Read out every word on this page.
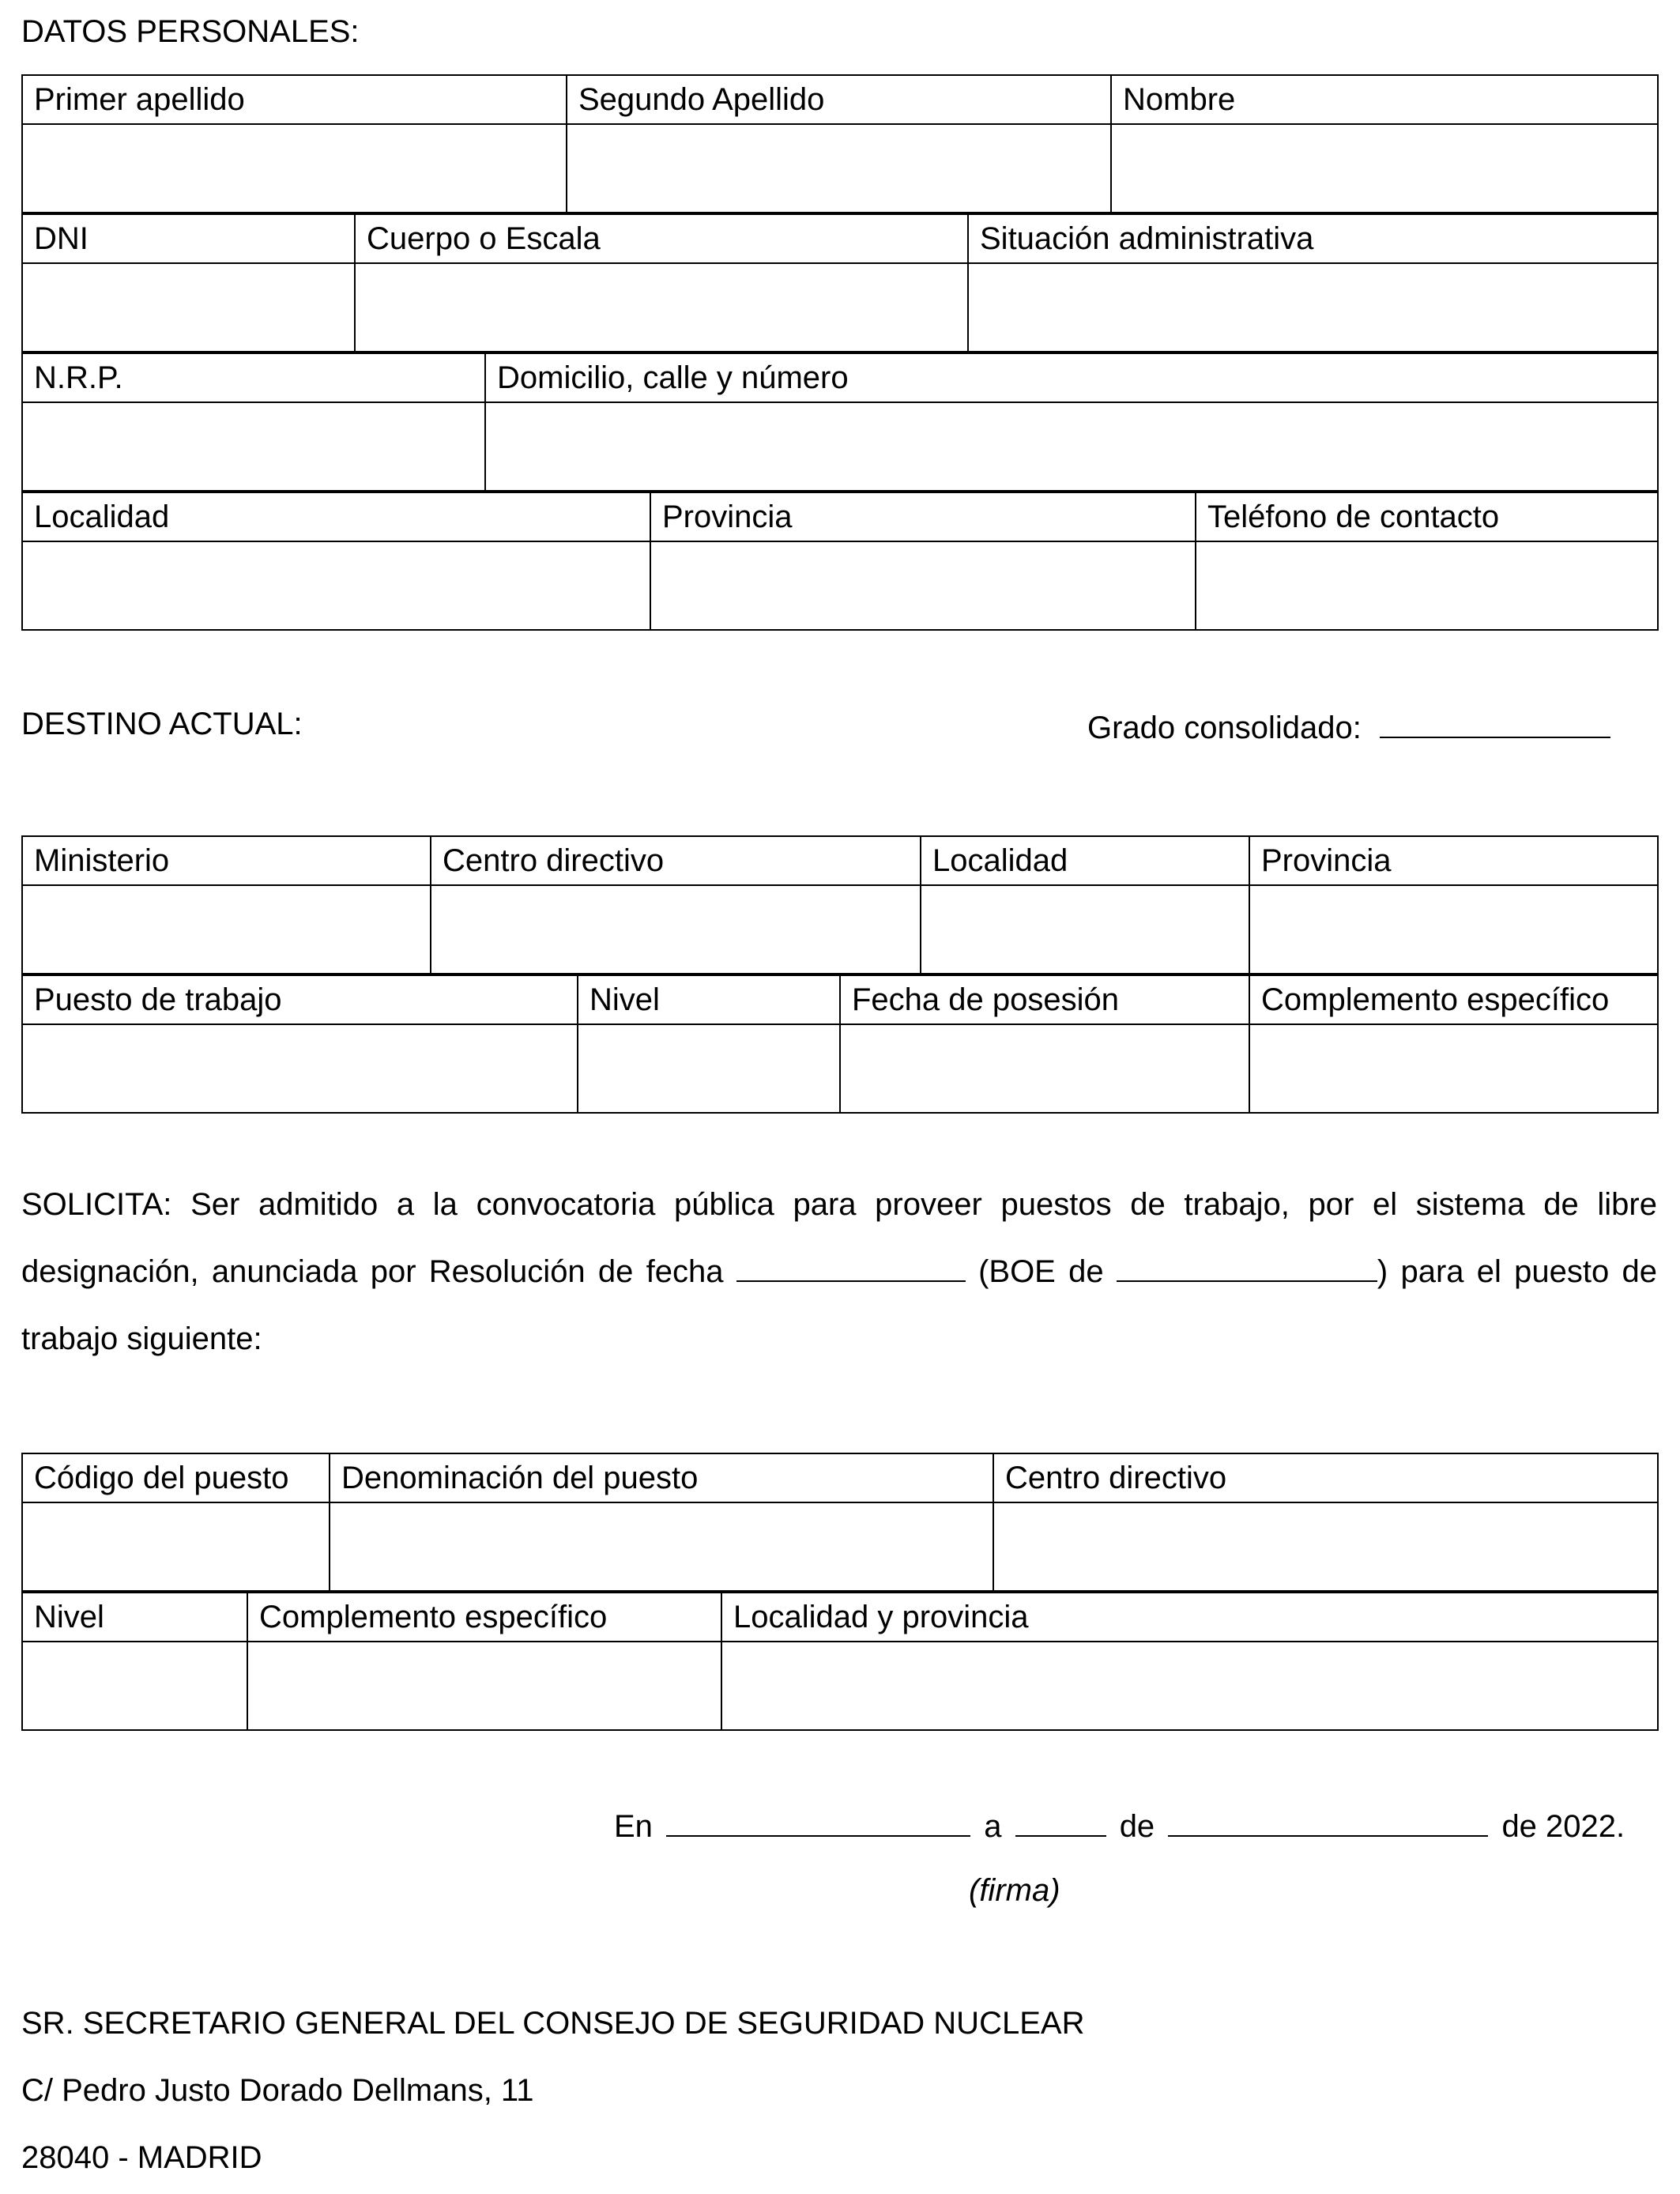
DATOS PERSONALES:
Primer apellido	Segundo Apellido	Nombre

DNI	Cuerpo o Escala	Situación administrativa

N.R.P.	Domicilio, calle y número

Localidad	Provincia	Teléfono de contacto

DESTINO ACTUAL:	Grado consolidado:
Ministerio	Centro directivo	Localidad	Provincia

Puesto de trabajo	Nivel	Fecha de posesión	Complemento específico

SOLICITA: Ser admitido a la convocatoria pública para proveer puestos de trabajo, por el sistema de libre designación, anunciada por Resolución de fecha	(BOE de	) para el puesto de trabajo siguiente:
Código del puesto	Denominación del puesto	Centro directivo

Nivel	Complemento específico	Localidad y provincia

En	a	de	de 2022.
(firma)
SR. SECRETARIO GENERAL DEL CONSEJO DE SEGURIDAD NUCLEAR
C/ Pedro Justo Dorado Dellmans, 11
28040 - MADRID
